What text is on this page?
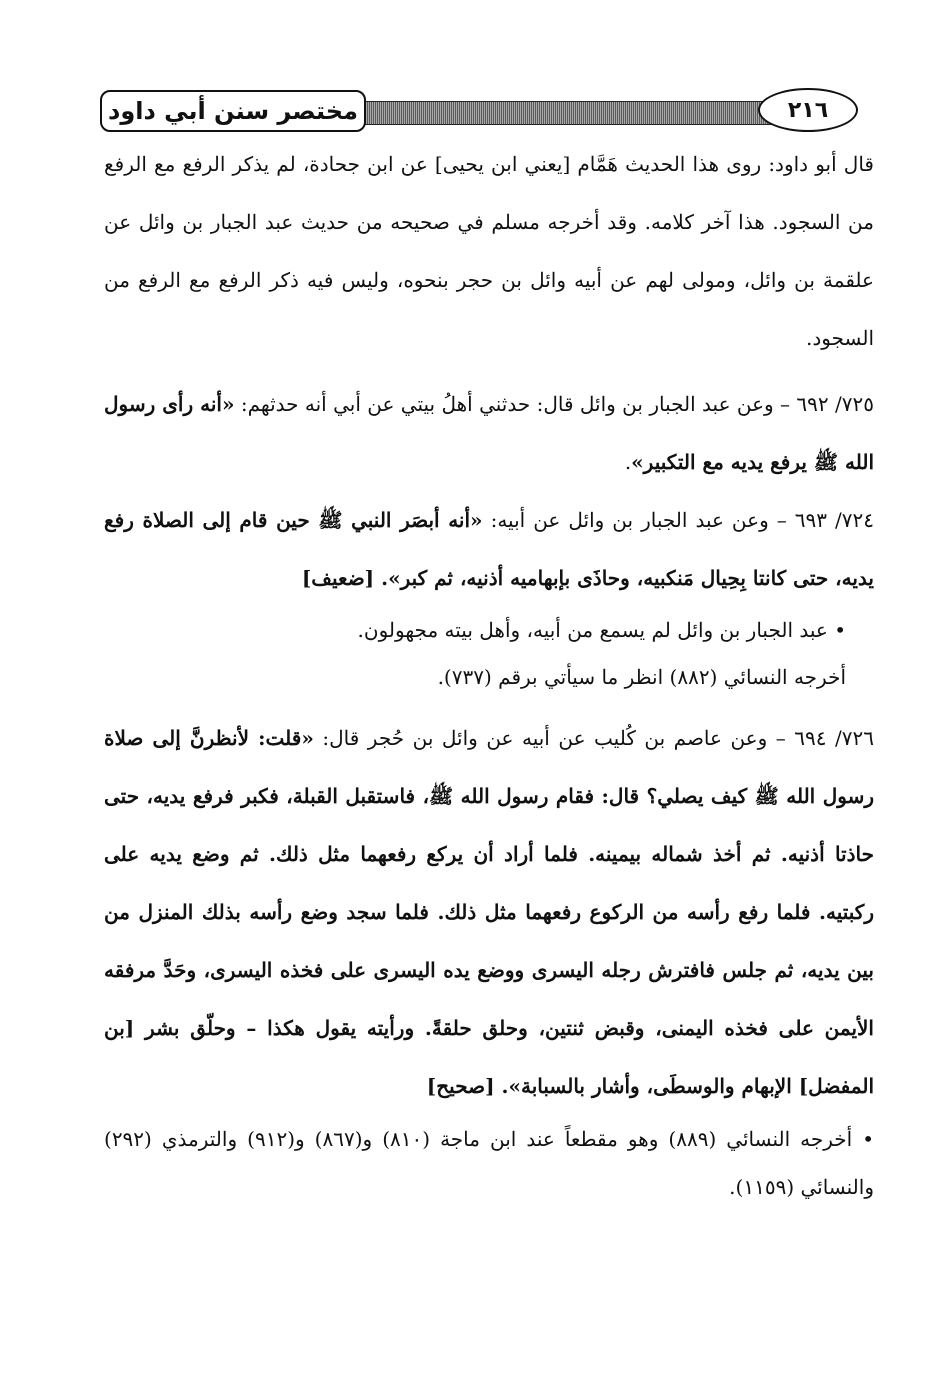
مختصر سنن أبي داود	٢١٦

قال أبو داود: روى هذا الحديث هَمَّام [يعني ابن يحيى] عن ابن جحادة، لم يذكر الرفع مع الرفع من السجود. هذا آخر كلامه. وقد أخرجه مسلم في صحيحه من حديث عبد الجبار بن وائل عن علقمة بن وائل، ومولى لهم عن أبيه وائل بن حجر بنحوه، وليس فيه ذكر الرفع مع الرفع من السجود.

٧٢٥/ ٦٩٢ – وعن عبد الجبار بن وائل قال: حدثني أهلُ بيتي عن أبي أنه حدثهم: «أنه رأى رسول الله ﷺ يرفع يديه مع التكبير».

٧٢٤/ ٦٩٣ – وعن عبد الجبار بن وائل عن أبيه: «أنه أبصَر النبي ﷺ حين قام إلى الصلاة رفع يديه، حتى كانتا بِحِيال مَنكبيه، وحاذَى بإبهاميه أذنيه، ثم كبر». [ضعيف]

• عبد الجبار بن وائل لم يسمع من أبيه، وأهل بيته مجهولون.

أخرجه النسائي (٨٨٢) انظر ما سيأتي برقم (٧٣٧).

٧٢٦/ ٦٩٤ – وعن عاصم بن كُليب عن أبيه عن وائل بن حُجر قال: «قلت: لأنظرنَّ إلى صلاة رسول الله ﷺ كيف يصلي؟ قال: فقام رسول الله ﷺ، فاستقبل القبلة، فكبر فرفع يديه، حتى حاذتا أذنيه. ثم أخذ شماله بيمينه. فلما أراد أن يركع رفعهما مثل ذلك. ثم وضع يديه على ركبتيه. فلما رفع رأسه من الركوع رفعهما مثل ذلك. فلما سجد وضع رأسه بذلك المنزل من بين يديه، ثم جلس فافترش رجله اليسرى ووضع يده اليسرى على فخذه اليسرى، وحَدَّ مرفقه الأيمن على فخذه اليمنى، وقبض ثنتين، وحلق حلقةً. ورأيته يقول هكذا – وحلّق بشر [بن المفضل] الإبهام والوسطَى، وأشار بالسبابة». [صحيح]

• أخرجه النسائي (٨٨٩) وهو مقطعاً عند ابن ماجة (٨١٠) و(٨٦٧) و(٩١٢) والترمذي (٢٩٢) والنسائي (١١٥٩).
